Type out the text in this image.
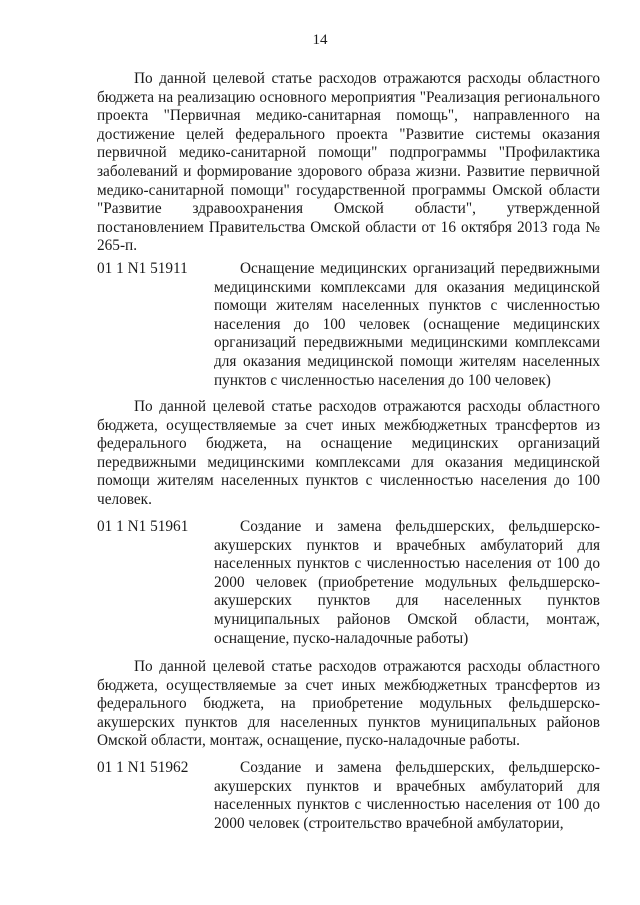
14

По данной целевой статье расходов отражаются расходы областного бюджета на реализацию основного мероприятия "Реализация регионального проекта "Первичная медико-санитарная помощь", направленного на достижение целей федерального проекта "Развитие системы оказания первичной медико-санитарной помощи" подпрограммы "Профилактика заболеваний и формирование здорового образа жизни. Развитие первичной медико-санитарной помощи" государственной программы Омской области "Развитие здравоохранения Омской области", утвержденной постановлением Правительства Омской области от 16 октября 2013 года № 265-п.

01 1 N1 51911	Оснащение медицинских организаций передвижными медицинскими комплексами для оказания медицинской помощи жителям населенных пунктов с численностью населения до 100 человек (оснащение медицинских организаций передвижными медицинскими комплексами для оказания медицинской помощи жителям населенных пунктов с численностью населения до 100 человек)

По данной целевой статье расходов отражаются расходы областного бюджета, осуществляемые за счет иных межбюджетных трансфертов из федерального бюджета, на оснащение медицинских организаций передвижными медицинскими комплексами для оказания медицинской помощи жителям населенных пунктов с численностью населения до 100 человек.

01 1 N1 51961	Создание и замена фельдшерских, фельдшерско-акушерских пунктов и врачебных амбулаторий для населенных пунктов с численностью населения от 100 до 2000 человек (приобретение модульных фельдшерско-акушерских пунктов для населенных пунктов муниципальных районов Омской области, монтаж, оснащение, пуско-наладочные работы)

По данной целевой статье расходов отражаются расходы областного бюджета, осуществляемые за счет иных межбюджетных трансфертов из федерального бюджета, на приобретение модульных фельдшерско-акушерских пунктов для населенных пунктов муниципальных районов Омской области, монтаж, оснащение, пуско-наладочные работы.

01 1 N1 51962	Создание и замена фельдшерских, фельдшерско-акушерских пунктов и врачебных амбулаторий для населенных пунктов с численностью населения от 100 до 2000 человек (строительство врачебной амбулатории,
